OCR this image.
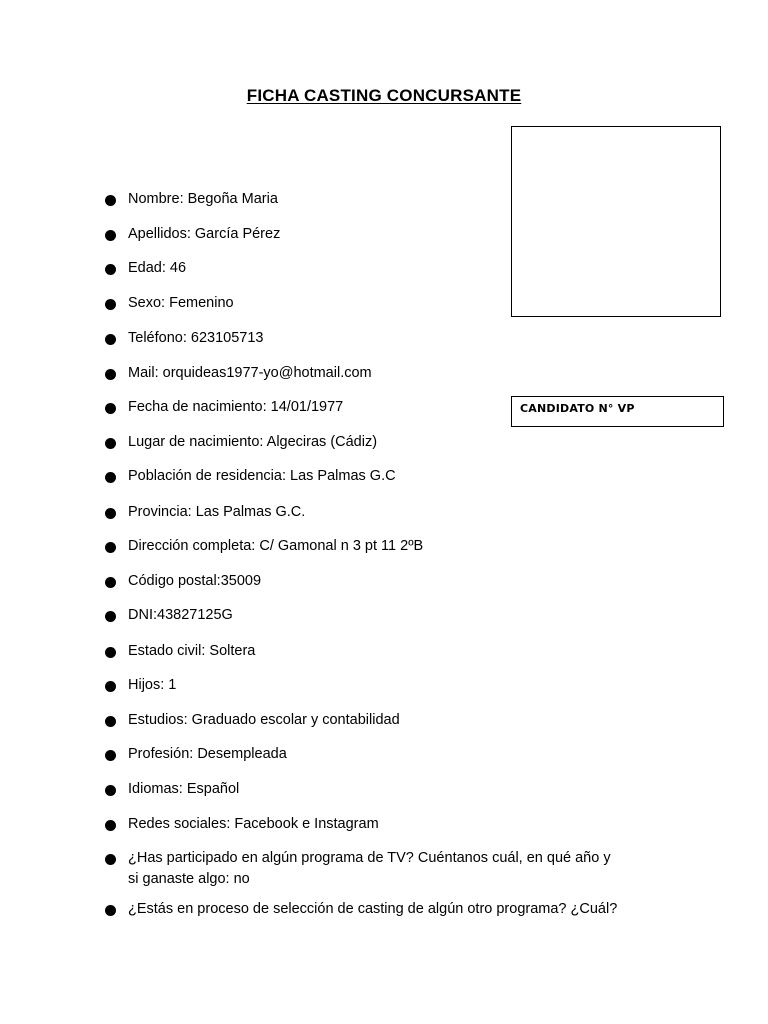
FICHA CASTING CONCURSANTE
CANDIDATO N° VP
Nombre: Begoña Maria
Apellidos: García Pérez
Edad: 46
Sexo: Femenino
Teléfono: 623105713
Mail: orquideas1977-yo@hotmail.com
Fecha de nacimiento: 14/01/1977
Lugar de nacimiento: Algeciras (Cádiz)
Población de residencia: Las Palmas G.C
Provincia: Las Palmas G.C.
Dirección completa: C/ Gamonal n 3 pt 11 2ºB
Código postal:35009
DNI:43827125G
Estado civil: Soltera
Hijos: 1
Estudios: Graduado escolar y contabilidad
Profesión: Desempleada
Idiomas: Español
Redes sociales: Facebook e Instagram
¿Has participado en algún programa de TV? Cuéntanos cuál, en qué año y si ganaste algo: no
¿Estás en proceso de selección de casting de algún otro programa? ¿Cuál?
